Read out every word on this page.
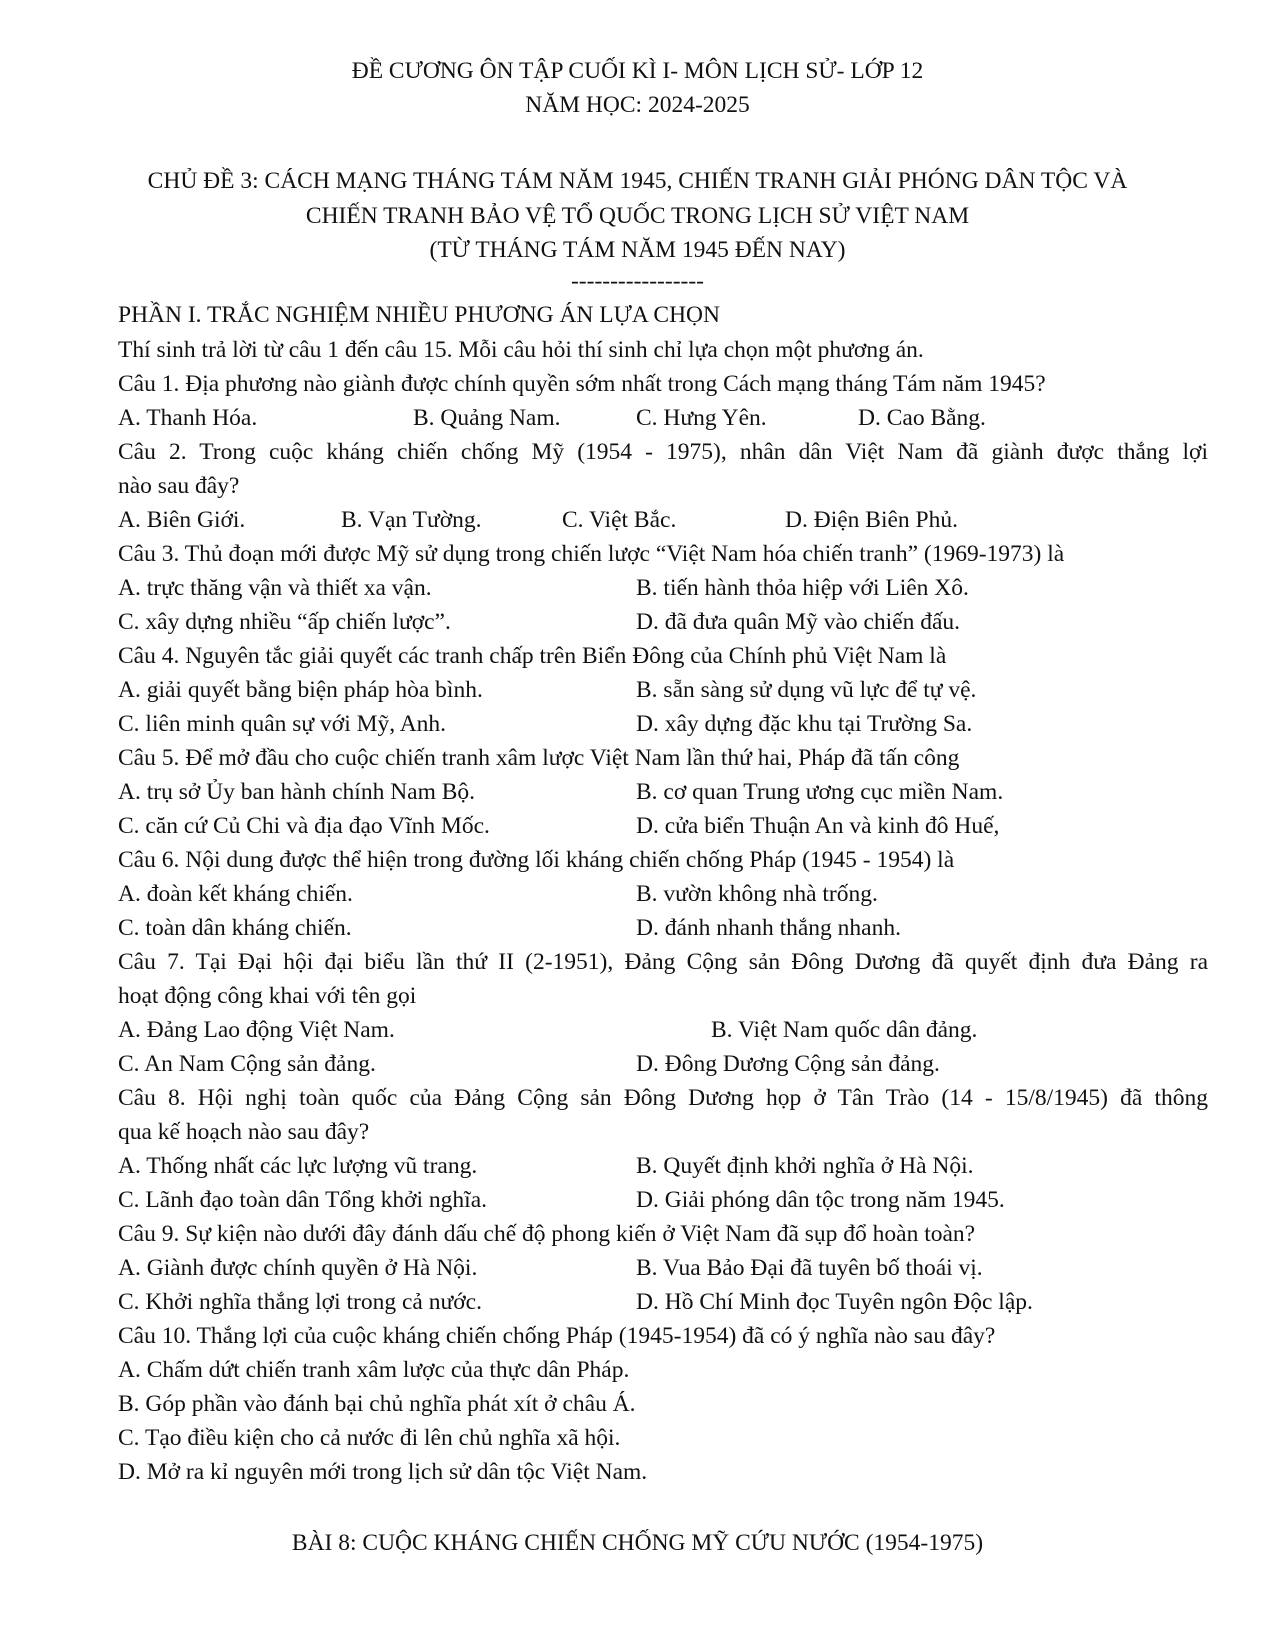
ĐỀ CƯƠNG ÔN TẬP CUỐI KÌ I- MÔN LỊCH SỬ- LỚP 12
NĂM HỌC: 2024-2025
CHỦ ĐỀ 3: CÁCH MẠNG THÁNG TÁM NĂM 1945, CHIẾN TRANH GIẢI PHÓNG DÂN TỘC VÀ
CHIẾN TRANH BẢO VỆ TỔ QUỐC TRONG LỊCH SỬ VIỆT NAM
(TỪ THÁNG TÁM NĂM 1945 ĐẾN NAY)
-----------------
PHẦN I. TRẮC NGHIỆM NHIỀU PHƯƠNG ÁN LỰA CHỌN
Thí sinh trả lời từ câu 1 đến câu 15. Mỗi câu hỏi thí sinh chỉ lựa chọn một phương án.
Câu 1. Địa phương nào giành được chính quyền sớm nhất trong Cách mạng tháng Tám năm 1945?
A. Thanh Hóa.	B. Quảng Nam.	C. Hưng Yên.	D. Cao Bằng.
Câu 2. Trong cuộc kháng chiến chống Mỹ (1954 - 1975), nhân dân Việt Nam đã giành được thắng lợi
nào sau đây?
A. Biên Giới.	B. Vạn Tường.	C. Việt Bắc.	D. Điện Biên Phủ.
Câu 3. Thủ đoạn mới được Mỹ sử dụng trong chiến lược “Việt Nam hóa chiến tranh” (1969-1973) là
A. trực thăng vận và thiết xa vận.	B. tiến hành thỏa hiệp với Liên Xô.
C. xây dựng nhiều “ấp chiến lược”.	D. đã đưa quân Mỹ vào chiến đấu.
Câu 4. Nguyên tắc giải quyết các tranh chấp trên Biển Đông của Chính phủ Việt Nam là
A. giải quyết bằng biện pháp hòa bình.	B. sẵn sàng sử dụng vũ lực để tự vệ.
C. liên minh quân sự với Mỹ, Anh.	D. xây dựng đặc khu tại Trường Sa.
Câu 5. Để mở đầu cho cuộc chiến tranh xâm lược Việt Nam lần thứ hai, Pháp đã tấn công
A. trụ sở Ủy ban hành chính Nam Bộ.	B. cơ quan Trung ương cục miền Nam.
C. căn cứ Củ Chi và địa đạo Vĩnh Mốc.	D. cửa biển Thuận An và kinh đô Huế,
Câu 6. Nội dung được thể hiện trong đường lối kháng chiến chống Pháp (1945 - 1954) là
A. đoàn kết kháng chiến.	B. vườn không nhà trống.
C. toàn dân kháng chiến.	D. đánh nhanh thắng nhanh.
Câu 7. Tại Đại hội đại biểu lần thứ II (2-1951), Đảng Cộng sản Đông Dương đã quyết định đưa Đảng ra
hoạt động công khai với tên gọi
A. Đảng Lao động Việt Nam.	B. Việt Nam quốc dân đảng.
C. An Nam Cộng sản đảng.	D. Đông Dương Cộng sản đảng.
Câu 8. Hội nghị toàn quốc của Đảng Cộng sản Đông Dương họp ở Tân Trào (14 - 15/8/1945) đã thông
qua kế hoạch nào sau đây?
A. Thống nhất các lực lượng vũ trang.	B. Quyết định khởi nghĩa ở Hà Nội.
C. Lãnh đạo toàn dân Tổng khởi nghĩa.	D. Giải phóng dân tộc trong năm 1945.
Câu 9. Sự kiện nào dưới đây đánh dấu chế độ phong kiến ở Việt Nam đã sụp đổ hoàn toàn?
A. Giành được chính quyền ở Hà Nội.	B. Vua Bảo Đại đã tuyên bố thoái vị.
C. Khởi nghĩa thắng lợi trong cả nước.	D. Hồ Chí Minh đọc Tuyên ngôn Độc lập.
Câu 10. Thắng lợi của cuộc kháng chiến chống Pháp (1945-1954) đã có ý nghĩa nào sau đây?
A. Chấm dứt chiến tranh xâm lược của thực dân Pháp.
B. Góp phần vào đánh bại chủ nghĩa phát xít ở châu Á.
C. Tạo điều kiện cho cả nước đi lên chủ nghĩa xã hội.
D. Mở ra kỉ nguyên mới trong lịch sử dân tộc Việt Nam.
BÀI 8: CUỘC KHÁNG CHIẾN CHỐNG MỸ CỨU NƯỚC (1954-1975)
